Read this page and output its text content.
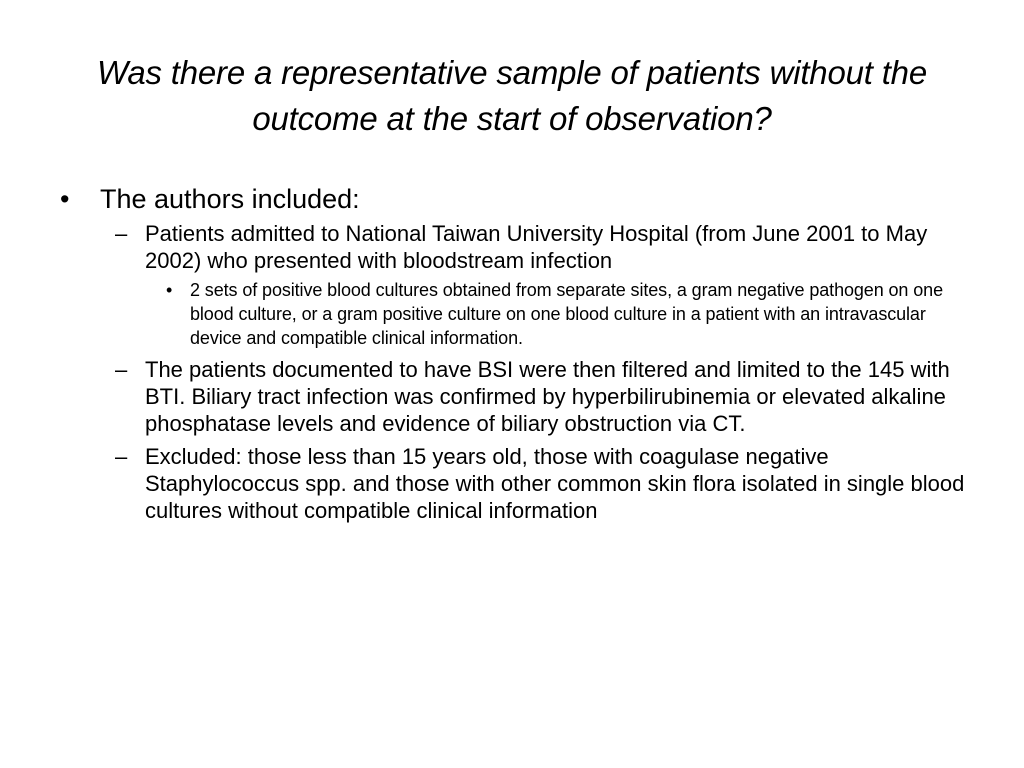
Was there a representative sample of patients without the outcome at the start of observation?
• The authors included:
– Patients admitted to National Taiwan University Hospital (from June 2001 to May 2002) who presented with bloodstream infection
• 2 sets of positive blood cultures obtained from separate sites, a gram negative pathogen on one blood culture, or a gram positive culture on one blood culture in a patient with an intravascular device and compatible clinical information.
– The patients documented to have BSI were then filtered and limited to the 145 with BTI. Biliary tract infection was confirmed by hyperbilirubinemia or elevated alkaline phosphatase levels and evidence of biliary obstruction via CT.
– Excluded: those less than 15 years old, those with coagulase negative Staphylococcus spp. and those with other common skin flora isolated in single blood cultures without compatible clinical information
